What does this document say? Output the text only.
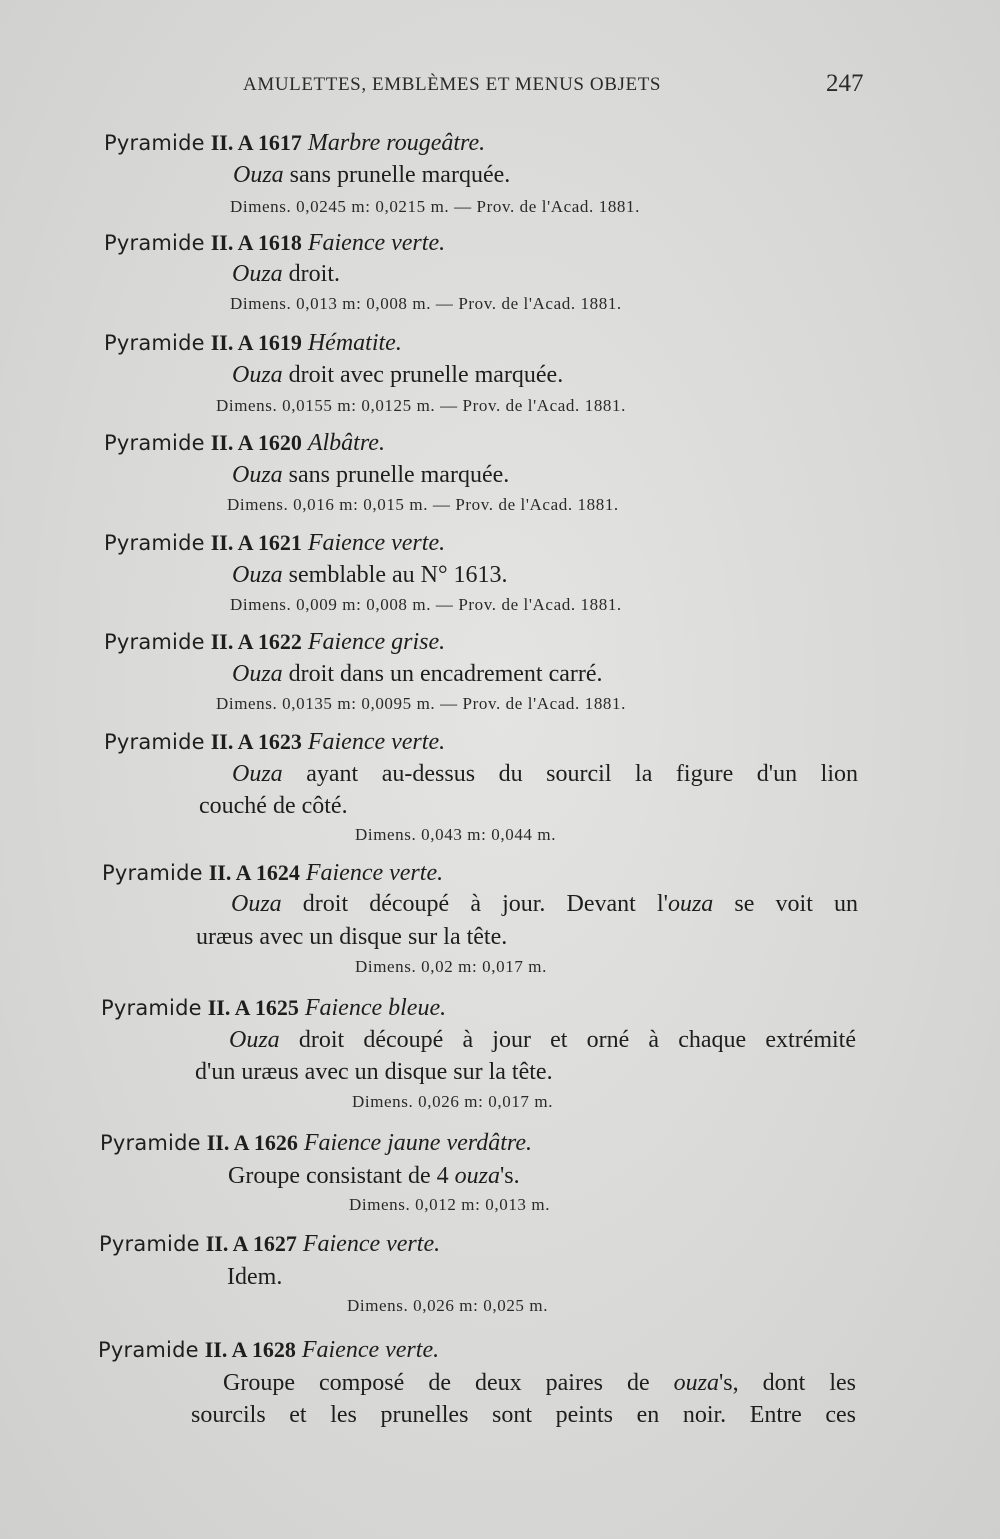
AMULETTES, EMBLÈMES ET MENUS OBJETS	247
Pyramide II. A 1617 Marbre rougeâtre.
Ouza sans prunelle marquée.
Dimens. 0,0245 m: 0,0215 m. — Prov. de l'Acad. 1881.
Pyramide II. A 1618 Faience verte.
Ouza droit.
Dimens. 0,013 m: 0,008 m. — Prov. de l'Acad. 1881.
Pyramide II. A 1619 Hématite.
Ouza droit avec prunelle marquée.
Dimens. 0,0155 m: 0,0125 m. — Prov. de l'Acad. 1881.
Pyramide II. A 1620 Albâtre.
Ouza sans prunelle marquée.
Dimens. 0,016 m: 0,015 m. — Prov. de l'Acad. 1881.
Pyramide II. A 1621 Faience verte.
Ouza semblable au N° 1613.
Dimens. 0,009 m: 0,008 m. — Prov. de l'Acad. 1881.
Pyramide II. A 1622 Faience grise.
Ouza droit dans un encadrement carré.
Dimens. 0,0135 m: 0,0095 m. — Prov. de l'Acad. 1881.
Pyramide II. A 1623 Faience verte.
Ouza ayant au-dessus du sourcil la figure d'un lion
couché de côté.
Dimens. 0,043 m: 0,044 m.
Pyramide II. A 1624 Faience verte.
Ouza droit découpé à jour. Devant l'ouza se voit un
uræus avec un disque sur la tête.
Dimens. 0,02 m: 0,017 m.
Pyramide II. A 1625 Faience bleue.
Ouza droit découpé à jour et orné à chaque extrémité
d'un uræus avec un disque sur la tête.
Dimens. 0,026 m: 0,017 m.
Pyramide II. A 1626 Faience jaune verdâtre.
Groupe consistant de 4 ouza's.
Dimens. 0,012 m: 0,013 m.
Pyramide II. A 1627 Faience verte.
Idem.
Dimens. 0,026 m: 0,025 m.
Pyramide II. A 1628 Faience verte.
Groupe composé de deux paires de ouza's, dont les
sourcils et les prunelles sont peints en noir. Entre ces
